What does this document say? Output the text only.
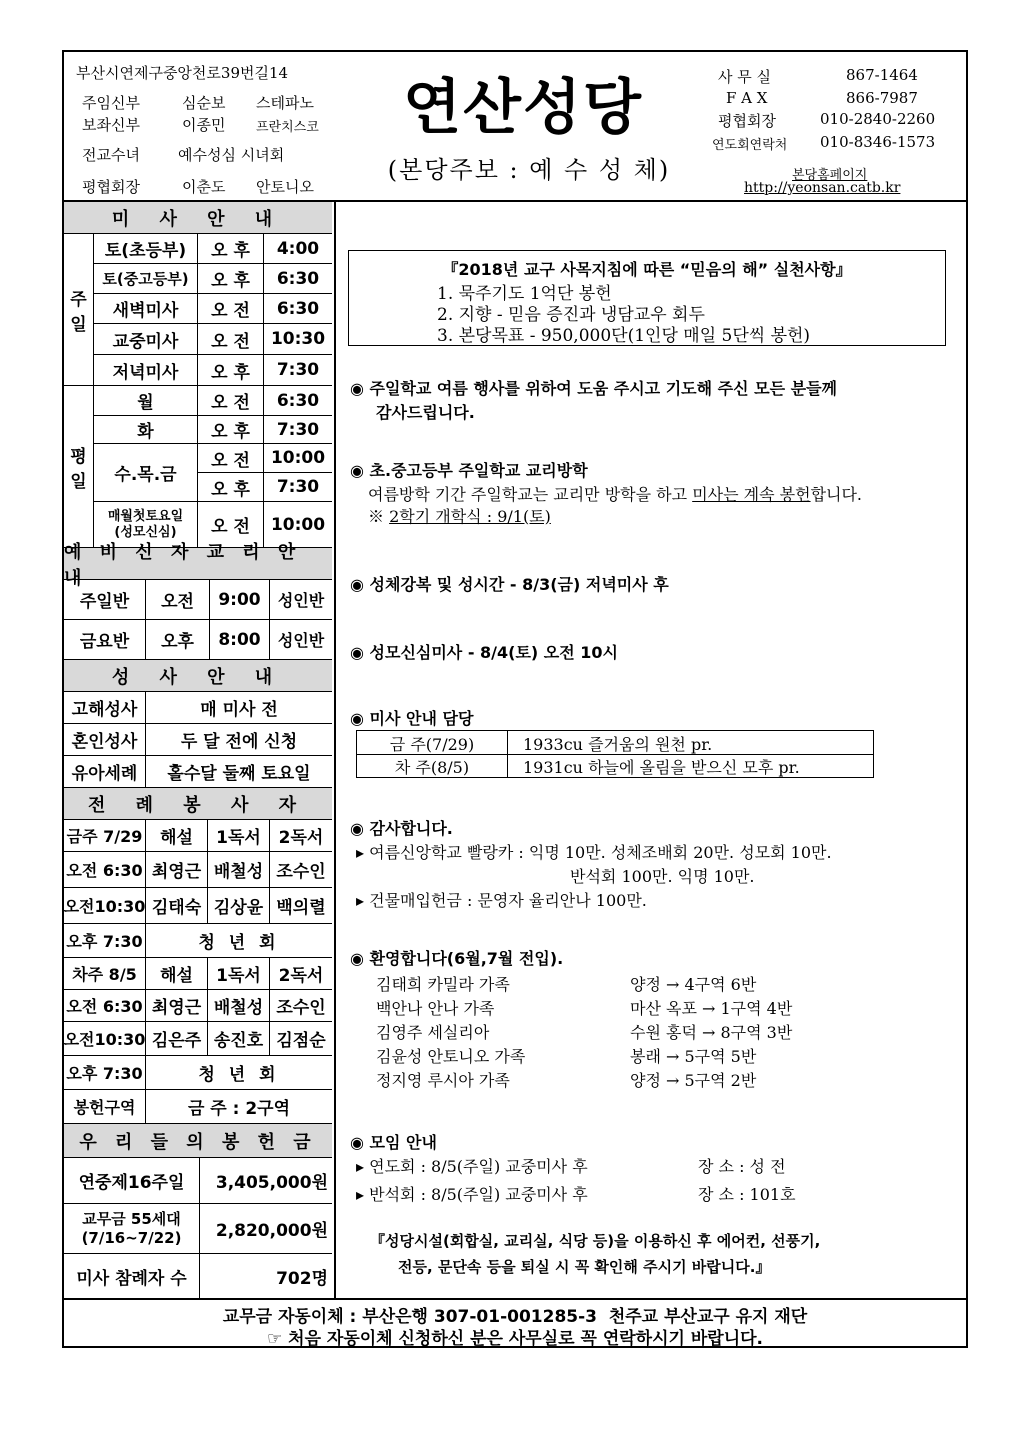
부산시연제구중앙천로39번길14
주임신부	심순보 스테파노
보좌신부	이종민 프란치스코
전교수녀	예수성심 시녀회
평협회장	이춘도 안토니오
연산성당
(본당주보 : 예 수 성 체)
사 무 실	867-1464
F A X	866-7987
평협회장	010-2840-2260
연도회연락처 010-8346-1573
본당홈페이지
http://yeonsan.catb.kr
미 사 안 내
주
일
토(초등부)	오 후	4:00
토(중고등부)	오 후	6:30
새벽미사	오 전	6:30
교중미사	오 전	10:30
저녁미사	오 후	7:30
평
일
월	오 전	6:30
화	오 후	7:30
수.목.금
오 전	10:00
오 후	7:30
매월첫토요일
(성모신심)	오 전	10:00
예 비 신 자 교 리 안 내
주일반	오전	9:00	성인반
금요반	오후	8:00	성인반
성 사 안 내
고해성사	매 미사 전
혼인성사	두 달 전에 신청
유아세례	홀수달 둘째 토요일
전 례 봉 사 자
금주 7/29	해설	1독서	2독서
오전 6:30 최영근 배철성 조수인
오전10:30 김태숙 김상윤 백의렬
오후 7:30	청 년 회
차주 8/5	해설	1독서	2독서
오전 6:30 최영근 배철성 조수인
오전10:30 김은주 송진호 김점순
오후 7:30	청 년 회
봉헌구역	금 주 : 2구역
우 리 들 의 봉 헌 금
연중제16주일	3,405,000원
교무금 55세대
(7/16~7/22)	2,820,000원
미사 참례자 수	702명
『2018년 교구 사목지침에 따른 “믿음의 해” 실천사항』
1. 묵주기도 1억단 봉헌
2. 지향 - 믿음 증진과 냉담교우 회두
3. 본당목표 - 950,000단(1인당 매일 5단씩 봉헌)
◉ 주일학교 여름 행사를 위하여 도움 주시고 기도해 주신 모든 분들께
감사드립니다.
◉ 초.중고등부 주일학교 교리방학
여름방학 기간 주일학교는 교리만 방학을 하고 미사는 계속 봉헌합니다.
※ 2학기 개학식 : 9/1(토)
◉ 성체강복 및 성시간 - 8/3(금) 저녁미사 후
◉ 성모신심미사 - 8/4(토) 오전 10시
◉ 미사 안내 담당
금 주(7/29)	1933cu 즐거움의 원천 pr.
차 주(8/5)	1931cu 하늘에 올림을 받으신 모후 pr.
◉ 감사합니다.
▸ 여름신앙학교 빨랑카 : 익명 10만. 성체조배회 20만. 성모회 10만.
반석회 100만. 익명 10만.
▸ 건물매입헌금 : 문영자 율리안나 100만.
◉ 환영합니다(6월,7월 전입).
김태희 카밀라 가족	양정 → 4구역 6반
백안나 안나 가족	마산 옥포 → 1구역 4반
김영주 세실리아	수원 홍덕 → 8구역 3반
김윤성 안토니오 가족	봉래 → 5구역 5반
정지영 루시아 가족	양정 → 5구역 2반
◉ 모임 안내
▸ 연도회 : 8/5(주일) 교중미사 후	장 소 : 성 전
▸ 반석회 : 8/5(주일) 교중미사 후	장 소 : 101호
『성당시설(회합실, 교리실, 식당 등)을 이용하신 후 에어컨, 선풍기,
전등, 문단속 등을 퇴실 시 꼭 확인해 주시기 바랍니다.』
교무금 자동이체 : 부산은행 307-01-001285-3  천주교 부산교구 유지 재단
☞ 처음 자동이체 신청하신 분은 사무실로 꼭 연락하시기 바랍니다.
